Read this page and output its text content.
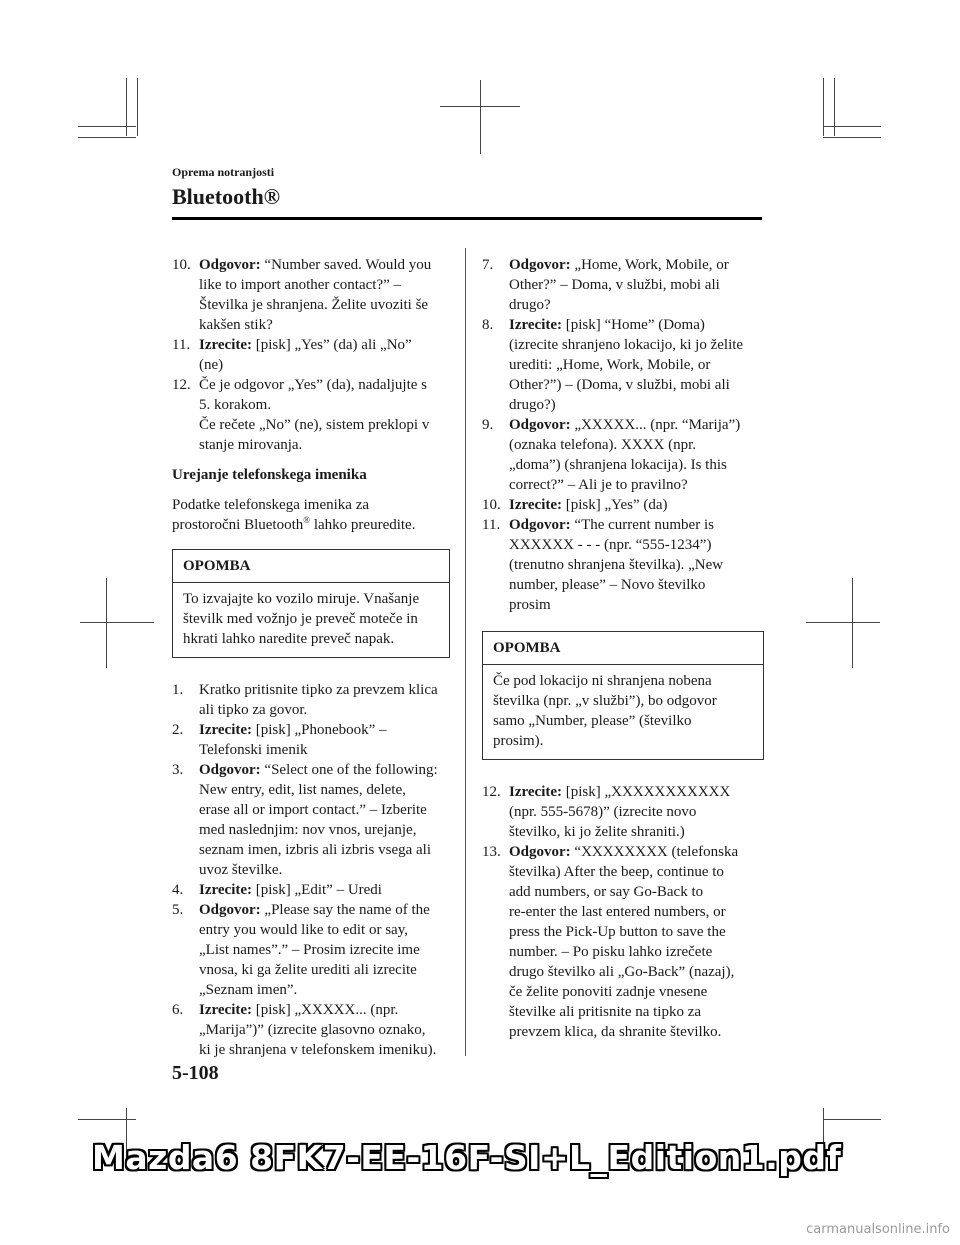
Oprema notranjosti
Bluetooth®
10. Odgovor: “Number saved. Would you
like to import another contact?” –
Številka je shranjena. Želite uvoziti še
kakšen stik?
11. Izrecite: [pisk] „Yes” (da) ali „No”
(ne)
12. Če je odgovor „Yes” (da), nadaljujte s
5. korakom.
Če rečete „No” (ne), sistem preklopi v
stanje mirovanja.
Urejanje telefonskega imenika
Podatke telefonskega imenika za
prostoročni Bluetooth® lahko preuredite.
OPOMBA
To izvajajte ko vozilo miruje. Vnašanje
številk med vožnjo je preveč moteče in
hkrati lahko naredite preveč napak.
1. Kratko pritisnite tipko za prevzem klica
ali tipko za govor.
2. Izrecite: [pisk] „Phonebook” –
Telefonski imenik
3. Odgovor: “Select one of the following:
New entry, edit, list names, delete,
erase all or import contact.” – Izberite
med naslednjim: nov vnos, urejanje,
seznam imen, izbris ali izbris vsega ali
uvoz številke.
4. Izrecite: [pisk] „Edit” – Uredi
5. Odgovor: „Please say the name of the
entry you would like to edit or say,
„List names”.” – Prosim izrecite ime
vnosa, ki ga želite urediti ali izrecite
„Seznam imen”.
6. Izrecite: [pisk] „XXXXX... (npr.
„Marija”)” (izrecite glasovno oznako,
ki je shranjena v telefonskem imeniku).
7. Odgovor: „Home, Work, Mobile, or
Other?” – Doma, v službi, mobi ali
drugo?
8. Izrecite: [pisk] “Home” (Doma)
(izrecite shranjeno lokacijo, ki jo želite
urediti: „Home, Work, Mobile, or
Other?”) – (Doma, v službi, mobi ali
drugo?)
9. Odgovor: „XXXXX... (npr. “Marija”)
(oznaka telefona). XXXX (npr.
„doma”) (shranjena lokacija). Is this
correct?” – Ali je to pravilno?
10. Izrecite: [pisk] „Yes” (da)
11. Odgovor: “The current number is
XXXXXX - - - (npr. “555-1234”)
(trenutno shranjena številka). „New
number, please” – Novo številko
prosim
OPOMBA
Če pod lokacijo ni shranjena nobena
številka (npr. „v službi”), bo odgovor
samo „Number, please” (številko
prosim).
12. Izrecite: [pisk] „XXXXXXXXXXX
(npr. 555-5678)” (izrecite novo
številko, ki jo želite shraniti.)
13. Odgovor: “XXXXXXXX (telefonska
številka) After the beep, continue to
add numbers, or say Go-Back to
re-enter the last entered numbers, or
press the Pick-Up button to save the
number. – Po pisku lahko izrečete
drugo številko ali „Go-Back” (nazaj),
če želite ponoviti zadnje vnesene
številke ali pritisnite na tipko za
prevzem klica, da shranite številko.
5-108
Mazda6 8FK7-EE-16F-SI+L_Edition1.pdf
carmanualsonline.info
